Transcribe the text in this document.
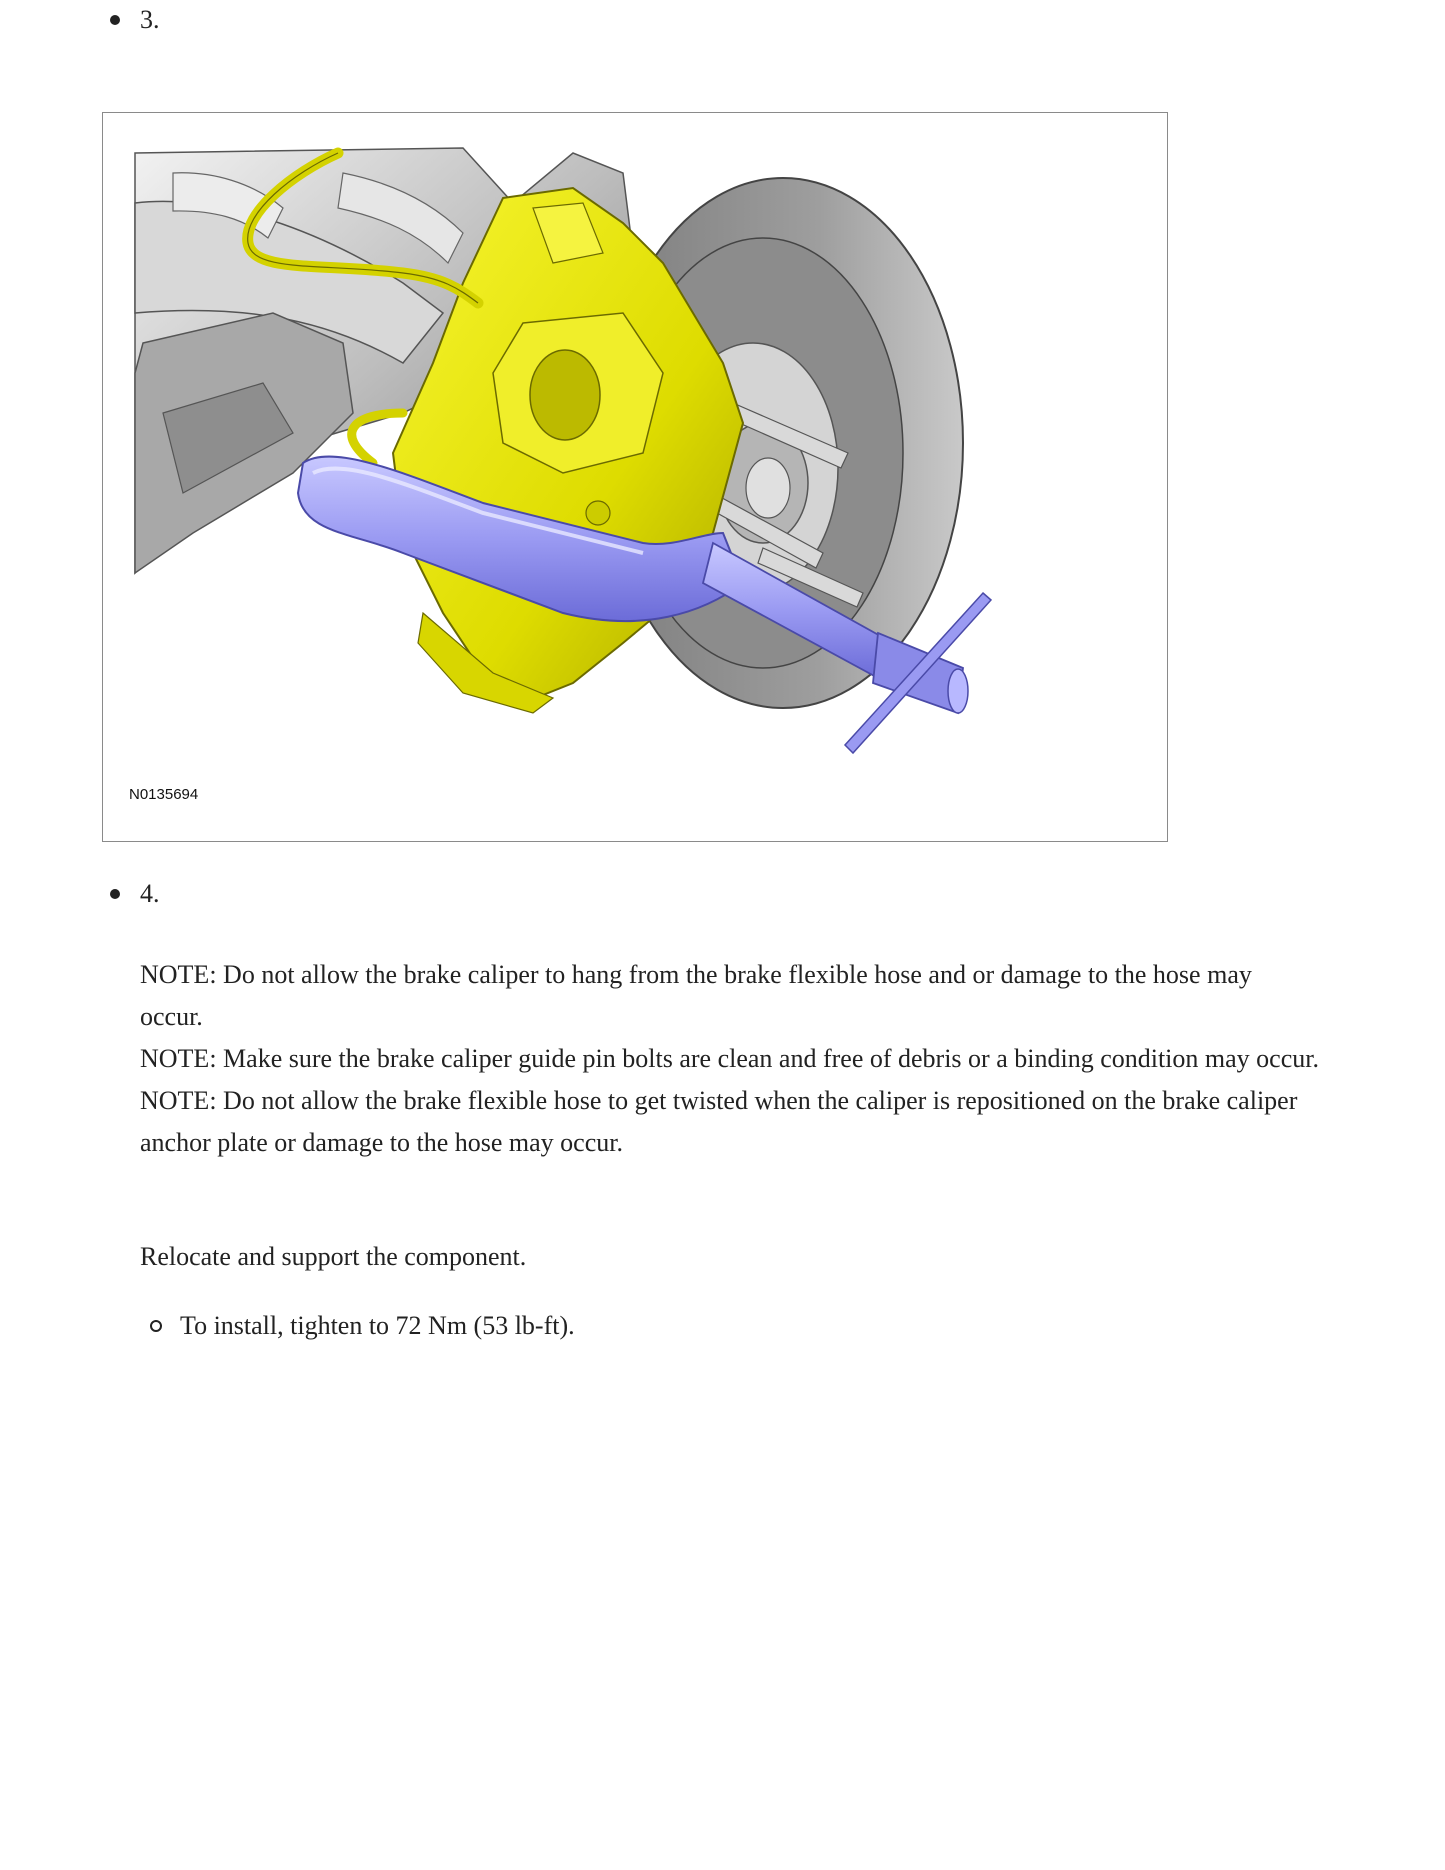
3.
N0135694
4.

NOTE: Do not allow the brake caliper to hang from the brake flexible hose and or damage to the hose may occur.

NOTE: Make sure the brake caliper guide pin bolts are clean and free of debris or a binding condition may occur.

NOTE: Do not allow the brake flexible hose to get twisted when the caliper is repositioned on the brake caliper anchor plate or damage to the hose may occur.

Relocate and support the component.

To install, tighten to 72 Nm (53 lb-ft).
